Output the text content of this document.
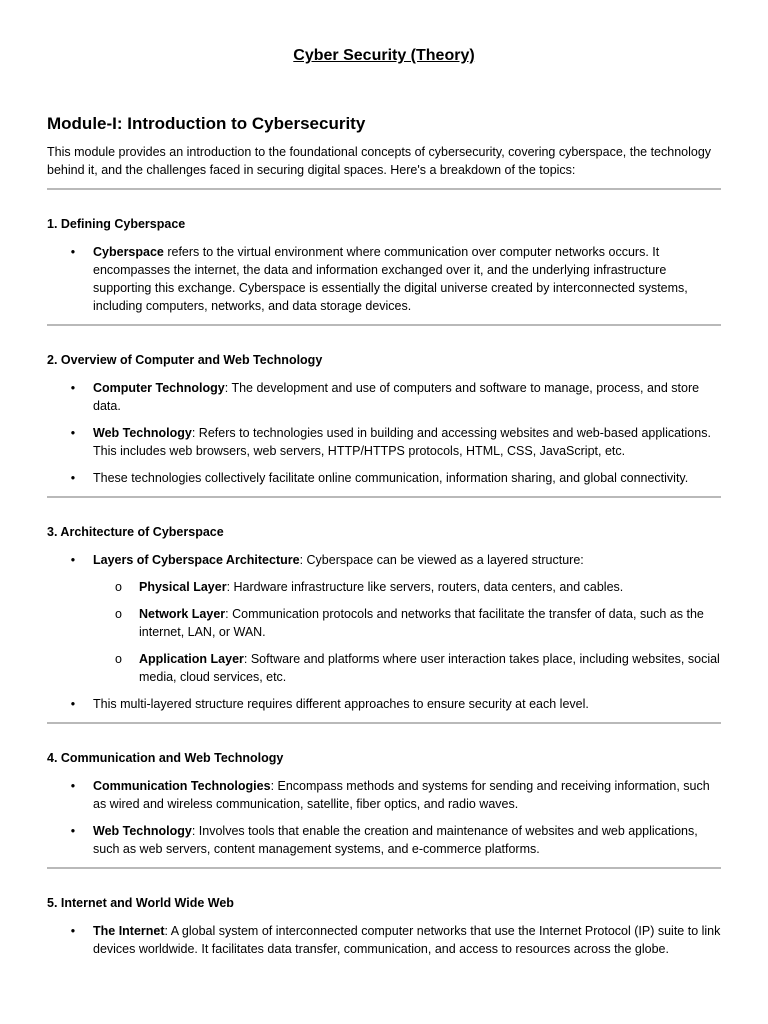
Cyber Security (Theory)
Module-I: Introduction to Cybersecurity

This module provides an introduction to the foundational concepts of cybersecurity, covering cyberspace, the technology behind it, and the challenges faced in securing digital spaces. Here's a breakdown of the topics:

1. Defining Cyberspace
• Cyberspace refers to the virtual environment where communication over computer networks occurs. It encompasses the internet, the data and information exchanged over it, and the underlying infrastructure supporting this exchange. Cyberspace is essentially the digital universe created by interconnected systems, including computers, networks, and data storage devices.
2. Overview of Computer and Web Technology
• Computer Technology: The development and use of computers and software to manage, process, and store data.
• Web Technology: Refers to technologies used in building and accessing websites and web-based applications. This includes web browsers, web servers, HTTP/HTTPS protocols, HTML, CSS, JavaScript, etc.
• These technologies collectively facilitate online communication, information sharing, and global connectivity.
3. Architecture of Cyberspace
• Layers of Cyberspace Architecture: Cyberspace can be viewed as a layered structure:
o Physical Layer: Hardware infrastructure like servers, routers, data centers, and cables.
o Network Layer: Communication protocols and networks that facilitate the transfer of data, such as the internet, LAN, or WAN.
o Application Layer: Software and platforms where user interaction takes place, including websites, social media, cloud services, etc.
• This multi-layered structure requires different approaches to ensure security at each level.
4. Communication and Web Technology
• Communication Technologies: Encompass methods and systems for sending and receiving information, such as wired and wireless communication, satellite, fiber optics, and radio waves.
• Web Technology: Involves tools that enable the creation and maintenance of websites and web applications, such as web servers, content management systems, and e-commerce platforms.
5. Internet and World Wide Web
• The Internet: A global system of interconnected computer networks that use the Internet Protocol (IP) suite to link devices worldwide. It facilitates data transfer, communication, and access to resources across the globe.
